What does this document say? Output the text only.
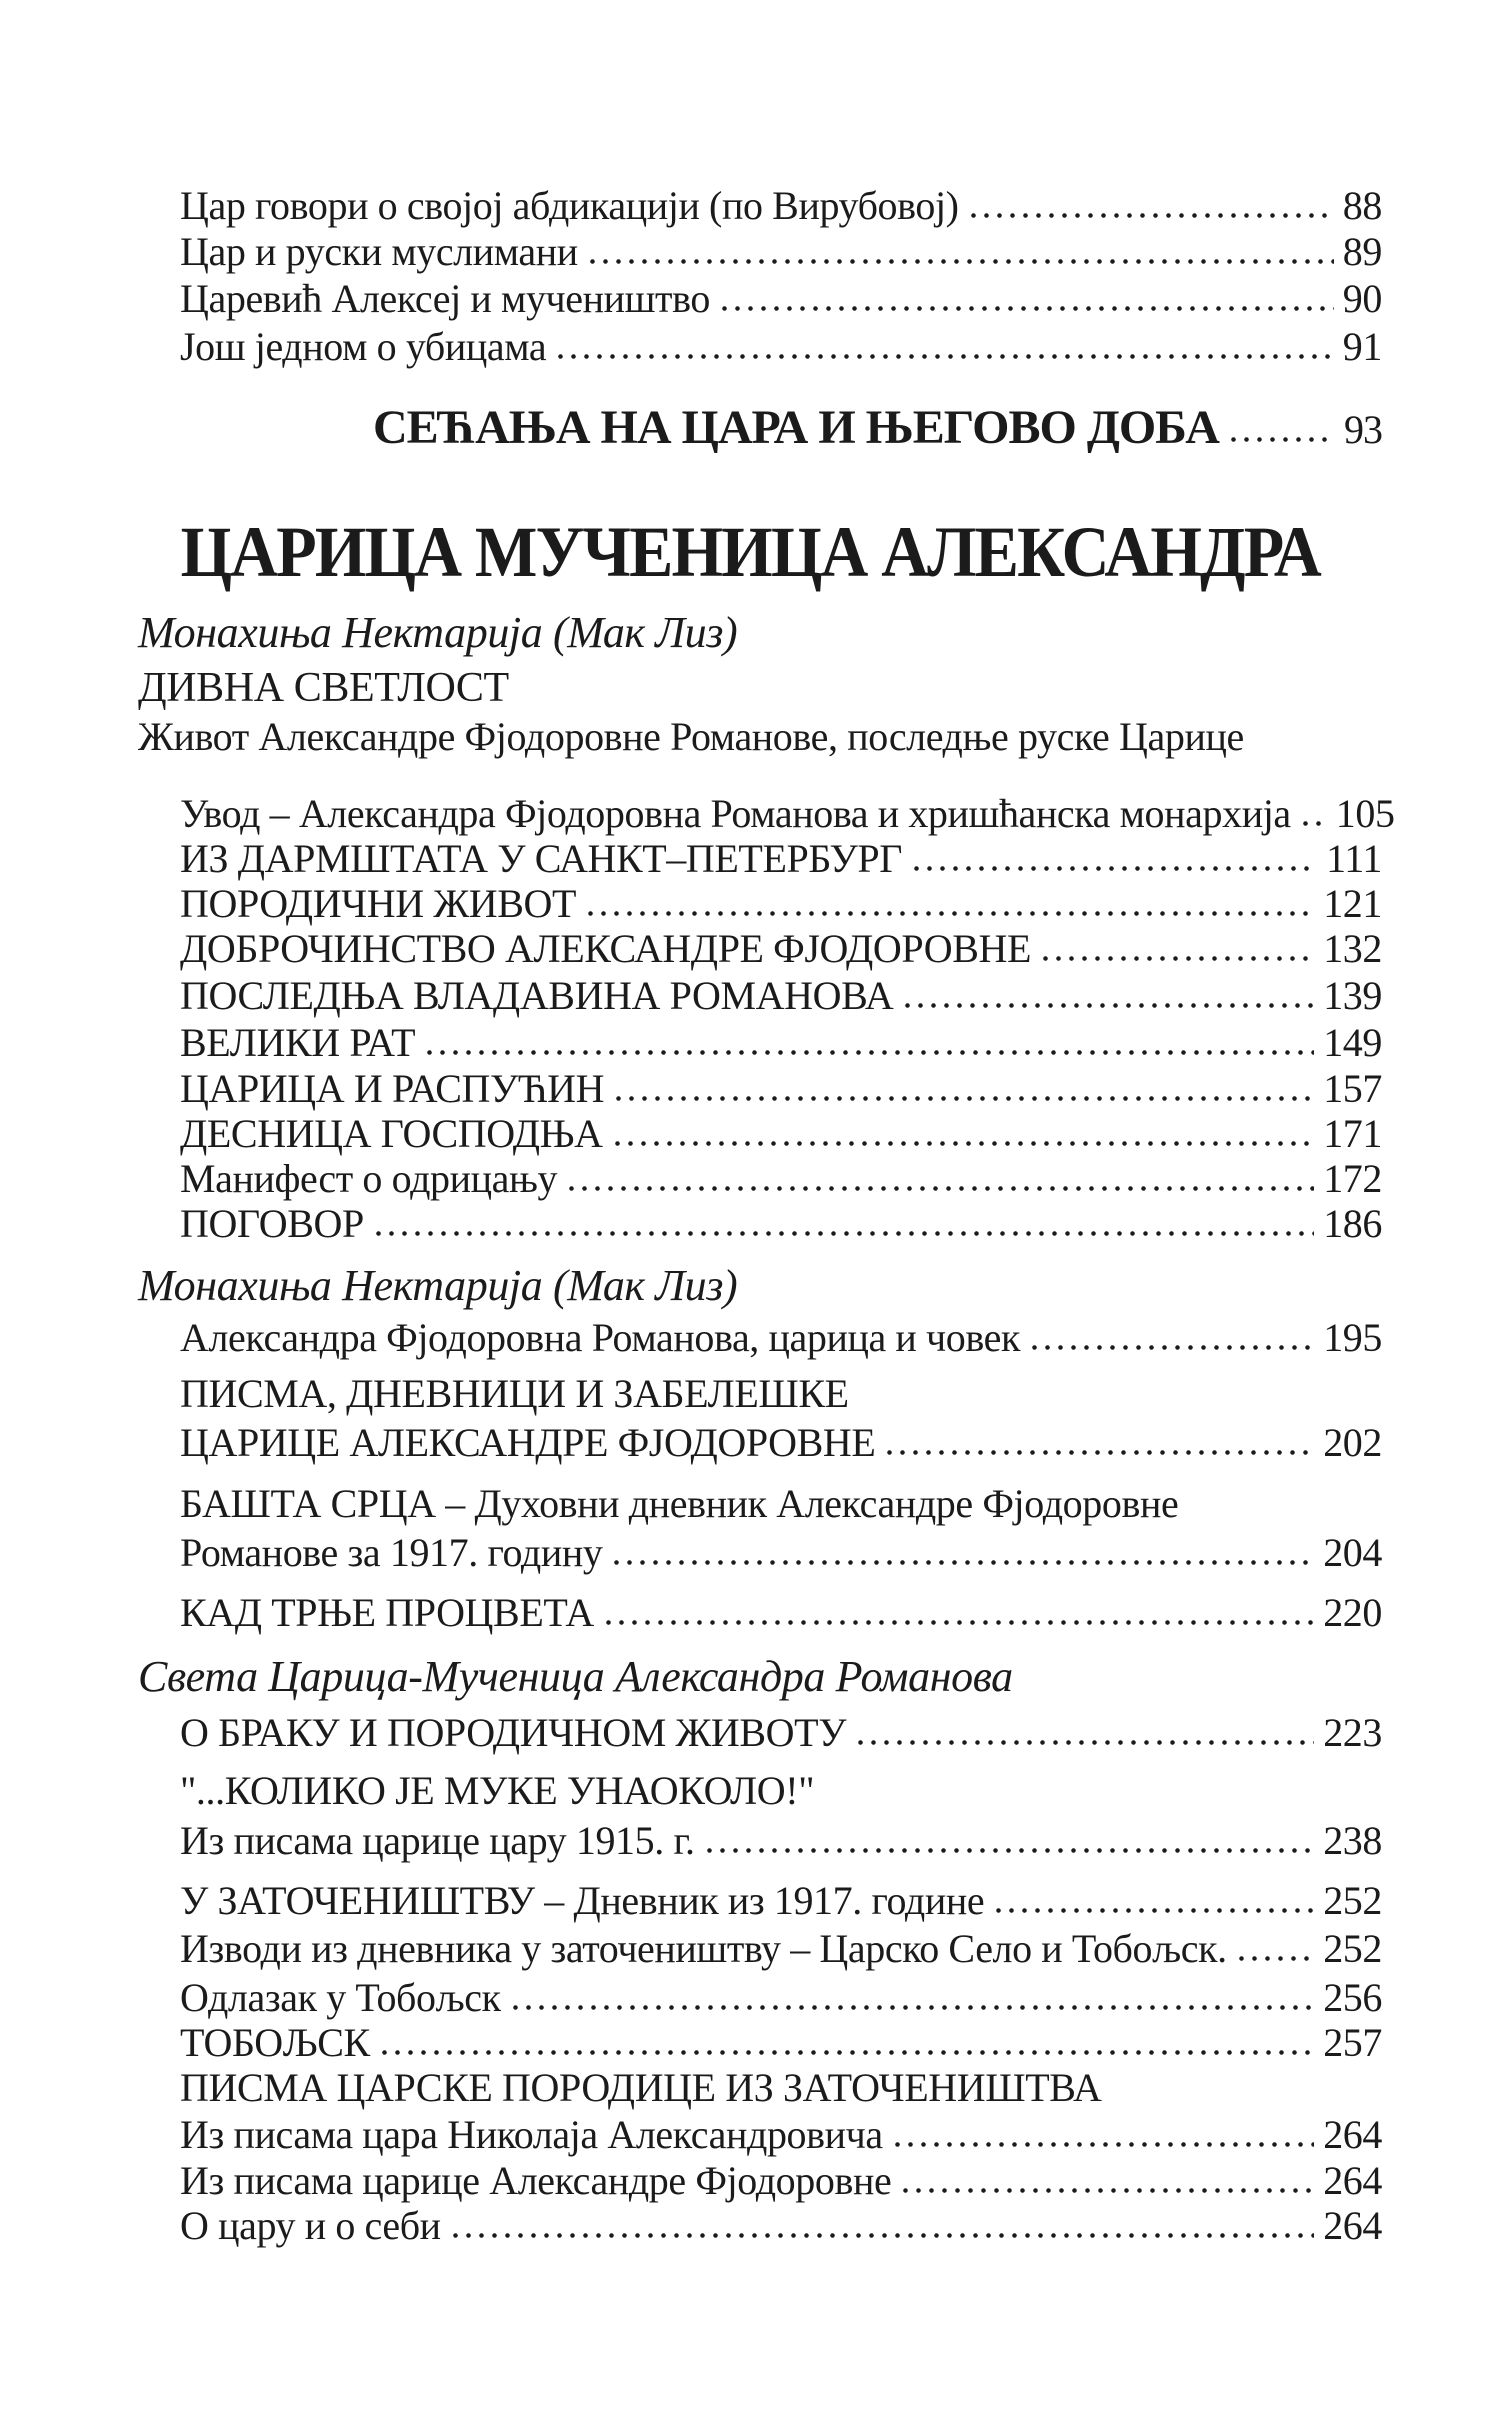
Цар говори о својој абдикацији (по Вирубовој)	88
Цар и руски муслимани	89
Царевић Алексеј и мучеништво	90
Још једном о убицама	91
СЕЋАЊА НА ЦАРА И ЊЕГОВО ДОБА	93
ЦАРИЦА МУЧЕНИЦА АЛЕКСАНДРА
Монахиња Нектарија (Мак Лиз)
ДИВНА СВЕТЛОСТ
Живот Александре Фјодоровне Романове, последње руске Царице
Увод – Александра Фјодоровна Романова и хришћанска монархија 105
ИЗ ДАРМШТАТА У САНКТ–ПЕТЕРБУРГ	111
ПОРОДИЧНИ ЖИВОТ	121
ДОБРОЧИНСТВО АЛЕКСАНДРЕ ФЈОДОРОВНЕ	132
ПОСЛЕДЊА ВЛАДАВИНА РОМАНОВА	139
ВЕЛИКИ РАТ	149
ЦАРИЦА И РАСПУЋИН	157
ДЕСНИЦА ГОСПОДЊА	171
Манифест о одрицању	172
ПОГОВОР	186
Монахиња Нектарија (Мак Лиз)
Александра Фјодоровна Романова, царица и човек	195
ПИСМА, ДНЕВНИЦИ И ЗАБЕЛЕШКЕ
ЦАРИЦЕ АЛЕКСАНДРЕ ФЈОДОРОВНЕ	202
БАШТА СРЦА – Духовни дневник Александре Фјодоровне
Романове за 1917. годину	204
КАД ТРЊЕ ПРОЦВЕТА	220
Света Царица-Мученица Александра Романова
О БРАКУ И ПОРОДИЧНОМ ЖИВОТУ	223
"...КОЛИКО ЈЕ МУКЕ УНАОКОЛО!"
Из писама царице цару 1915. г.	238
У ЗАТОЧЕНИШТВУ – Дневник из 1917. године	252
Изводи из дневника у заточеништву – Царско Село и Тобољск. 252
Одлазак у Тобољск	256
ТОБОЉСК	257
ПИСМА ЦАРСКЕ ПОРОДИЦЕ ИЗ ЗАТОЧЕНИШТВА
Из писама цара Николаја Александровича	264
Из писама царице Александре Фјодоровне	264
О цару и о себи	264
